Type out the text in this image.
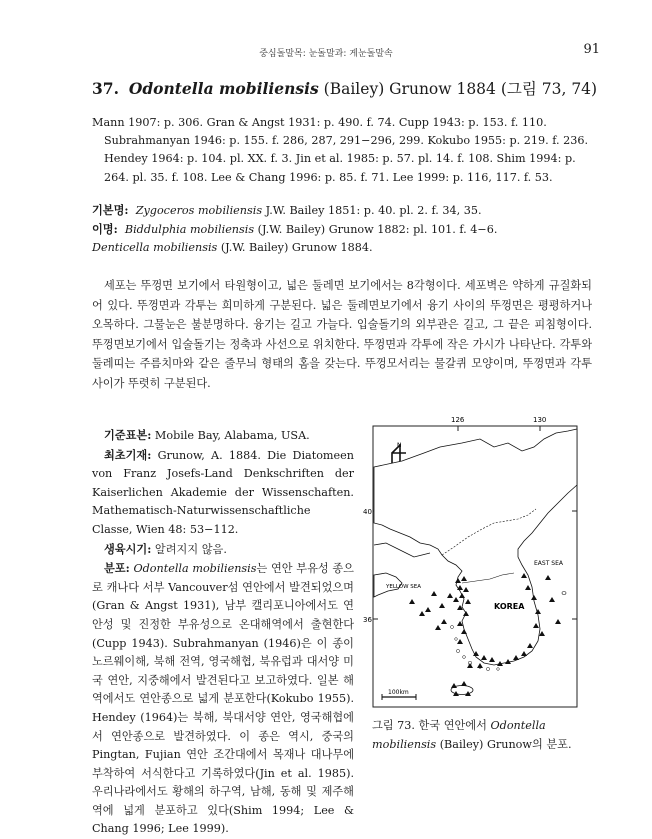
중심돌말목: 눈돌말과: 게눈돌말속	91
37. Odontella mobiliensis (Bailey) Grunow 1884 (그림 73, 74)

Mann 1907: p. 306. Gran & Angst 1931: p. 490. f. 74. Cupp 1943: p. 153. f. 110. Subrahmanyan 1946: p. 155. f. 286, 287, 291−296, 299. Kokubo 1955: p. 219. f. 236. Hendey 1964: p. 104. pl. XX. f. 3. Jin et al. 1985: p. 57. pl. 14. f. 108. Shim 1994: p. 264. pl. 35. f. 108. Lee & Chang 1996: p. 85. f. 71. Lee 1999: p. 116, 117. f. 53.

기본명: Zygoceros mobiliensis J.W. Bailey 1851: p. 40. pl. 2. f. 34, 35.

이명: Biddulphia mobiliensis (J.W. Bailey) Grunow 1882: pl. 101. f. 4−6.

Denticella mobiliensis (J.W. Bailey) Grunow 1884.

세포는 뚜껑면 보기에서 타원형이고, 넓은 둘레면 보기에서는 8각형이다. 세포벽은 약하게 규질화되어 있다. 뚜껑면과 각투는 희미하게 구분된다. 넓은 둘레면보기에서 융기 사이의 뚜껑면은 평평하거나 오목하다. 그물눈은 불분명하다. 융기는 길고 가늘다. 입술돌기의 외부관은 길고, 그 끝은 피침형이다. 뚜껑면보기에서 입술돌기는 정축과 사선으로 위치한다. 뚜껑면과 각투에 작은 가시가 나타난다. 각투와 둘레띠는 주름치마와 같은 줄무늬 형태의 홈을 갖는다. 뚜껑모서리는 물갈퀴 모양이며, 뚜껑면과 각투사이가 뚜렷히 구분된다.

기준표본: Mobile Bay, Alabama, USA.

최초기재: Grunow, A. 1884. Die Diatomeen von Franz Josefs-Land Denkschriften der Kaiserlichen Akademie der Wissenschaften. Mathematisch-Naturwissenschaftliche Classe, Wien 48: 53−112.

생육시기: 알려지지 않음.

분포: Odontella mobiliensis는 연안 부유성 종으로 캐나다 서부 Vancouver섬 연안에서 발견되었으며(Gran & Angst 1931), 남부 캘리포니아에서도 연안성 및 진정한 부유성으로 온대해역에서 출현한다(Cupp 1943). Subrahmanyan (1946)은 이 종이 노르웨이해, 북해 전역, 영국해협, 북유럽과 대서양 미국 연안, 지중해에서 발견된다고 보고하였다. 일본 해역에서도 연안종으로 넓게 분포한다(Kokubo 1955). Hendey (1964)는 북해, 북대서양 연안, 영국해협에서 연안종으로 발견하였다. 이 종은 역시, 중국의 Pingtan, Fujian 연안 조간대에서 목재나 대나무에 부착하여 서식한다고 기록하였다(Jin et al. 1985). 우리나라에서도 황해의 하구역, 남해, 동해 및 제주해역에 넓게 분포하고 있다(Shim 1994; Lee & Chang 1996; Lee 1999).

126	130
40
36
N
KOREA
EAST SEA
YELLOW SEA
100km
그림 73. 한국 연안에서 Odontella mobiliensis (Bailey) Grunow의 분포.
